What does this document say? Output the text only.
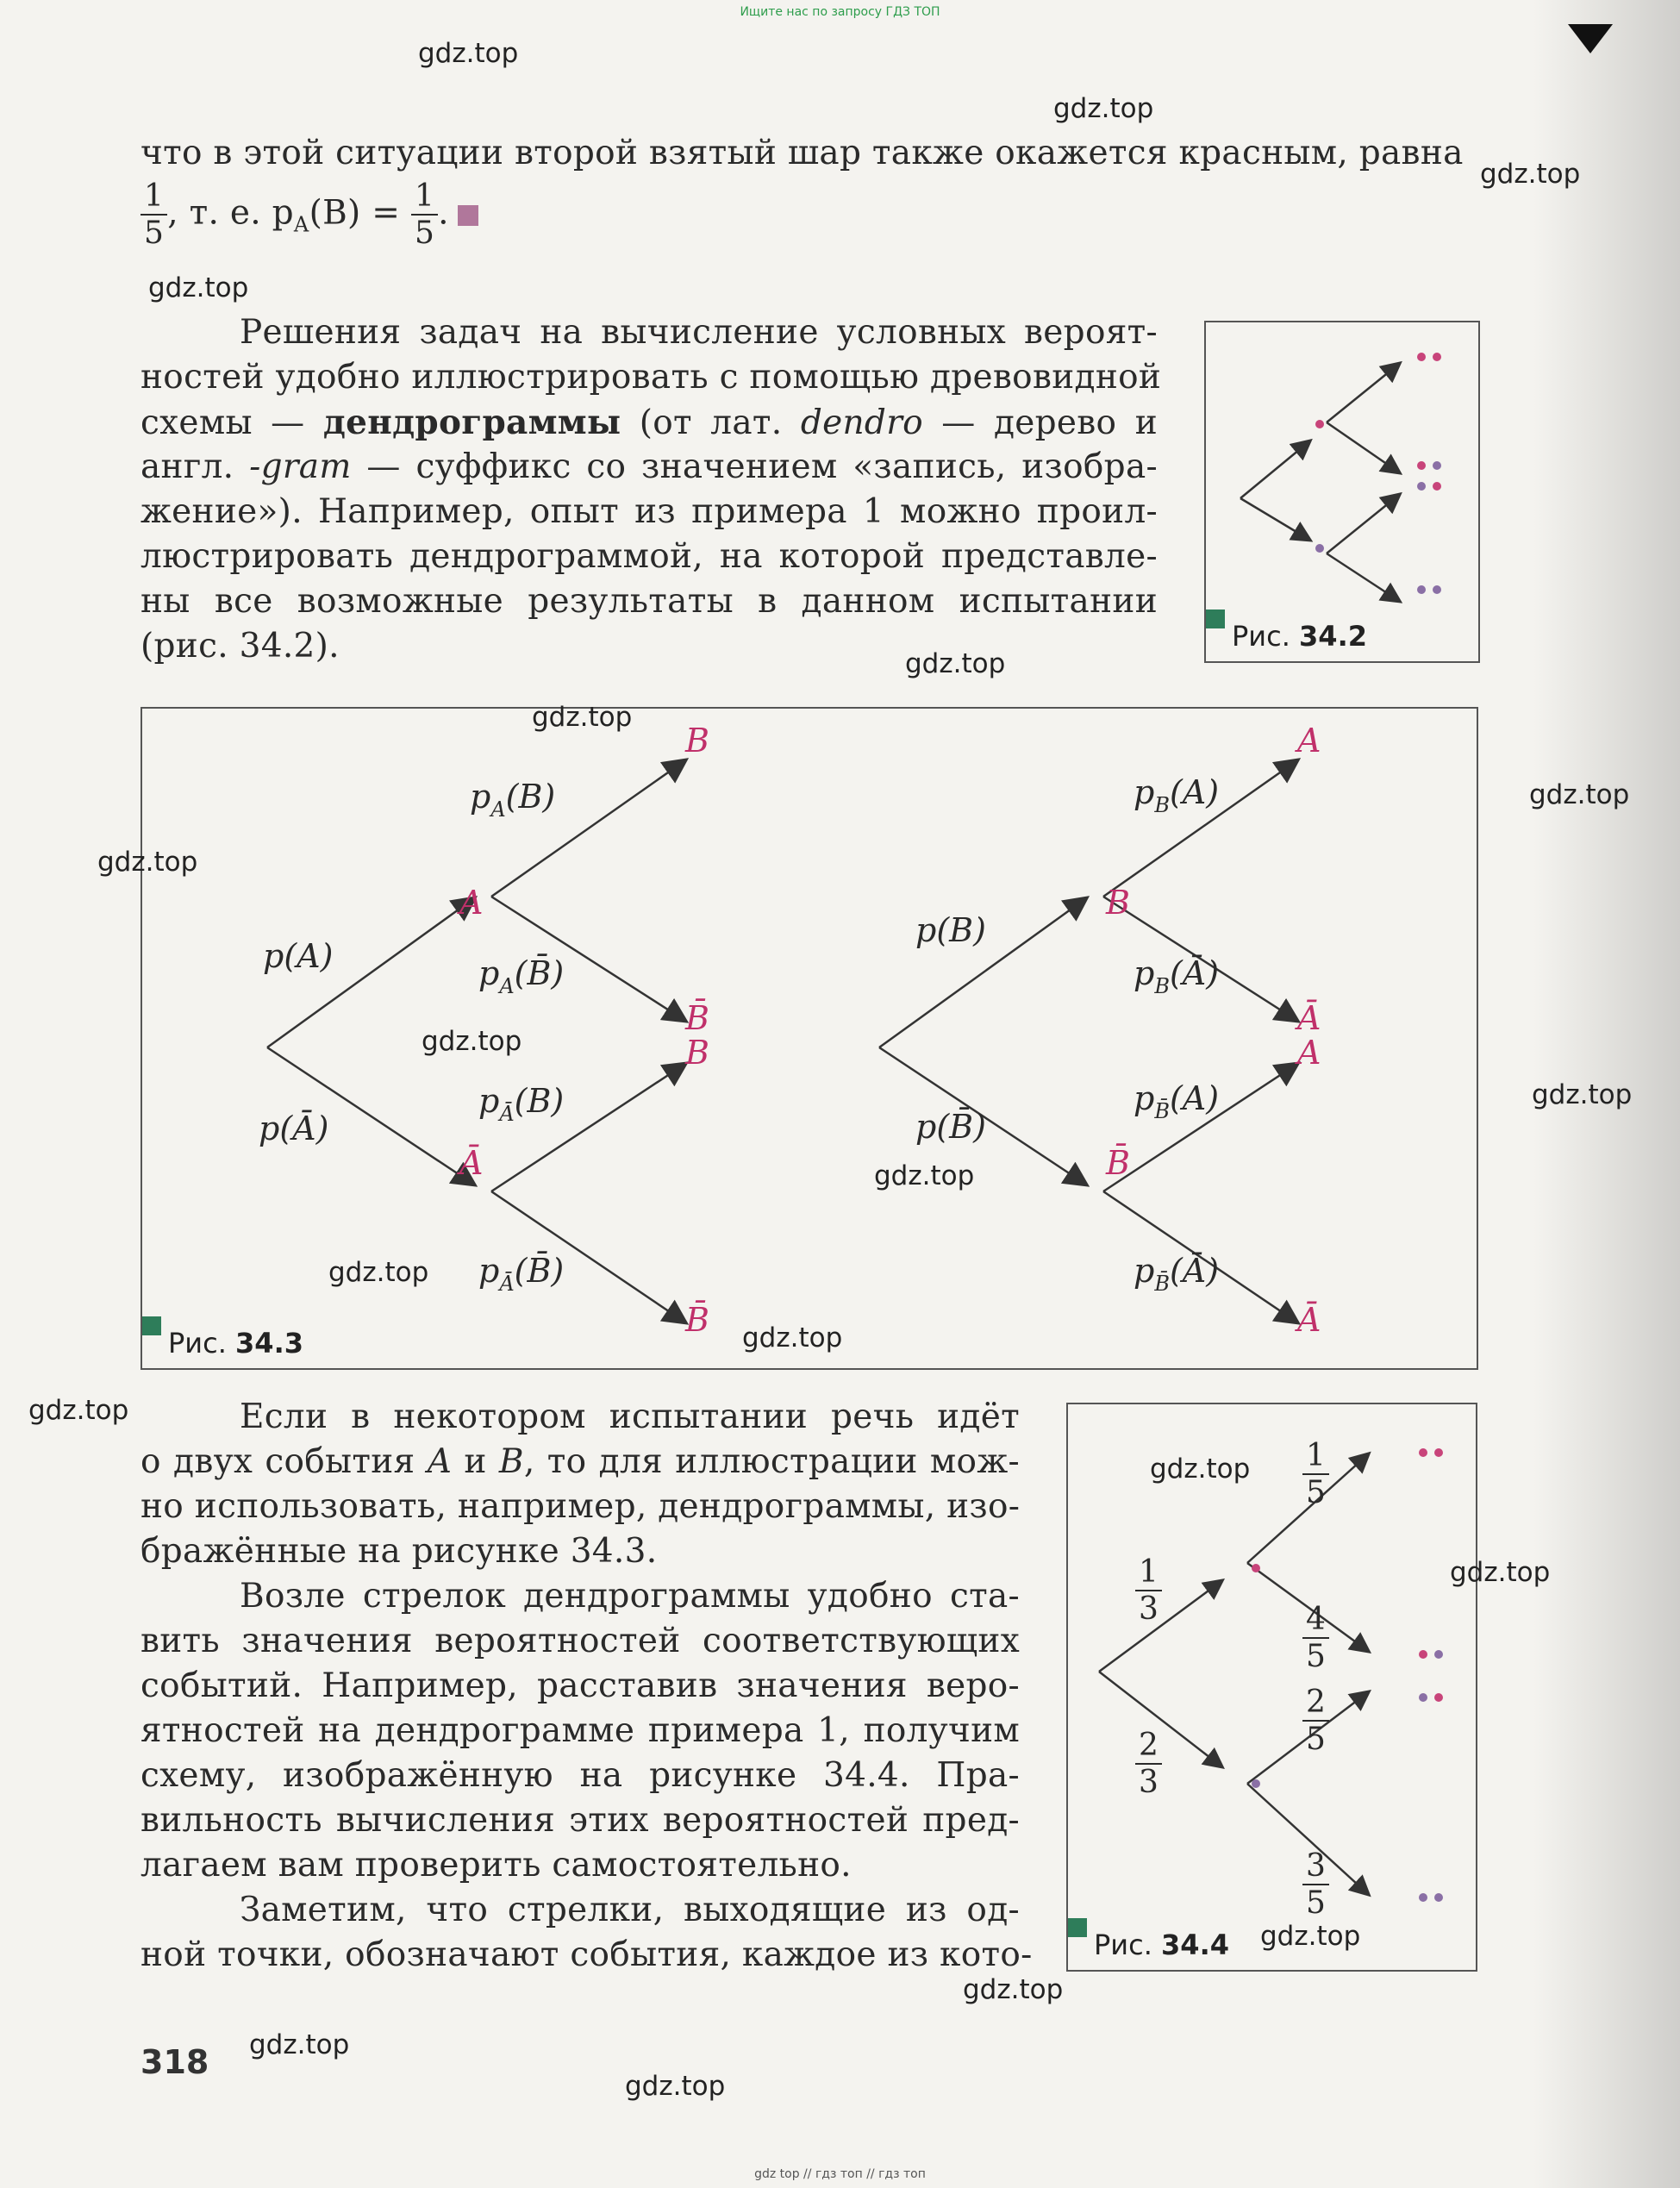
Ищите нас по запросу ГДЗ ТОП
что в этой ситуации второй взятый шар также окажется красным, равна
$\frac{1}{5}$ , т. е. $p_A(B) = \frac{1}{5}$ .
Решения задач на вычисление условных вероят-
ностей удобно иллюстрировать с помощью древовидной
схемы — дендрограммы (от лат. dendro — дерево и
англ. -gram — суффикс со значением «запись, изобра-
жение»). Например, опыт из примера 1 можно проил-
люстрировать дендрограммой, на которой представле-
ны все возможные результаты в данном испытании
(рис. 34.2).	Рис. 34.2
A
Ā
B
B̄
B
B̄
B
B̄
A
Ā
A
Ā
p(A)
p(Ā)
$p_A(B)$
$p_A(B̄)$
$p_Ā(B)$
$p_Ā(B̄)$
p(B)
p(B̄)
$p_B(A)$
$p_B(Ā)$
$p_{B̄}(A)$
$p_{B̄}(Ā)$
Рис. 34.3
Если в некотором испытании речь идёт
о двух события A и B, то для иллюстрации мож-
но использовать, например, дендрограммы, изо-
бражённые на рисунке 34.3.
Возле стрелок дендрограммы удобно ста-
вить значения вероятностей соответствующих
событий. Например, расставив значения веро-
ятностей на дендрограмме примера 1, получим
схему, изображённую на рисунке 34.4. Пра-
вильность вычисления этих вероятностей пред-
лагаем вам проверить самостоятельно.
Заметим, что стрелки, выходящие из од-
ной точки, обозначают события, каждое из кото-
$\frac{1}{3}$
$\frac{2}{3}$
$\frac{1}{5}$
$\frac{4}{5}$
$\frac{2}{5}$
$\frac{3}{5}$
Рис. 34.4
318
gdz.top
gdz.top
gdz.top
gdz.top
gdz.top
gdz.top
gdz.top
gdz.top
gdz.top
gdz.top
gdz.top
gdz.top
gdz.top
gdz.top
gdz.top
gdz.top
gdz.top
gdz.top
gdz.top
gdz.top
gdz top // гдз топ // гдз топ
